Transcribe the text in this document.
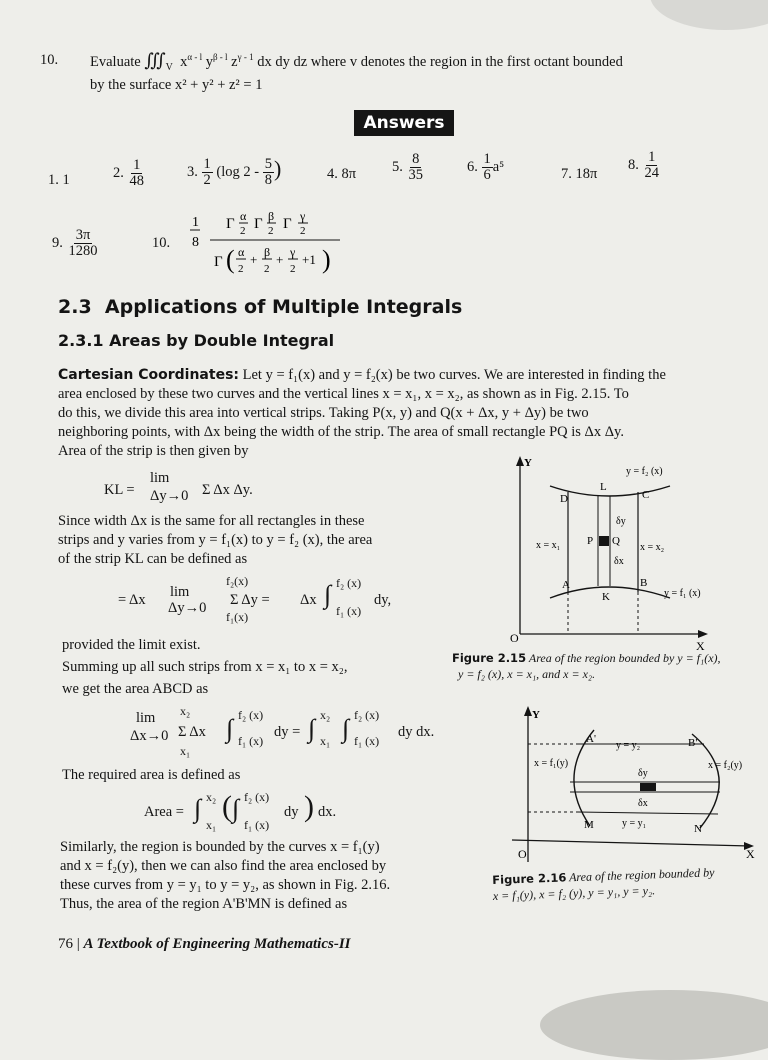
10. Evaluate $∭_V$ $x^{\alpha - l}$ $y^{\beta - l}$ $z^{\gamma - 1}$ dx dy dz where v denotes the region in the first octant bounded
by the surface x² + y² + z² = 1
Answers
1. 1	2. $\frac{1}{48}$	3. $\frac{1}{2} (\log$ $2 - \frac{5}{8}$ )	4. 8π 5. $\frac{8}{35}$	6. $\frac{1}{6} a^5$	7. 18π
8. $\frac{1}{24}$
9. $\frac{3\pi}{1280}$	10.
1
8
Γ α
2 Γ β
2 Γ γ
2
Γ ( α
2
+ β
2
+ γ
2
+1 )
2.3 Applications of Multiple Integrals
2.3.1 Areas by Double Integral
Cartesian Coordinates: Let y = f₁(x) and y = f₂(x) be two curves. We are interested in finding the
area enclosed by these two curves and the vertical lines x = x₁, x = x₂, as shown as in Fig. 2.15. To
do this, we divide this area into vertical strips. Taking P(x, y) and Q(x + Δx, y + Δy) be two
neighboring points, with Δx being the width of the strip. The area of small rectangle PQ is Δx Δy.
Area of the strip is then given by
KL =
lim
Δy→0 Σ Δx Δy.
Since width Δx is the same for all rectangles in these
strips and y varies from y = f₁(x) to y = f₂ (x), the area
of the strip KL can be defined as
= Δx lim
Δy→0
f₂(x)
Σ Δy =
f₁(x)
Δx ∫ f₂ (x)
f₁ (x)
dy,
provided the limit exist.
Summing up all such strips from x = x₁ to x = x₂,
we get the area ABCD as
lim
Δx→0
x₂
Σ Δx
x₁
∫ f₂ (x)
f₁ (x)
dy = ∫ x₂
x₁ ∫ f₂ (x)
f₁ (x)
dy dx.
The required area is defined as
Area = ∫ x₂
x₁
( ∫ f₂ (x)
f₁ (x)
dy ) dx.
Similarly, the region is bounded by the curves x = f₁(y)
and x = f₂(y), then we can also find the area enclosed by
these curves from y = y₁ to y = y₂, as shown in Fig. 2.16.
Thus, the area of the region A'B'MN is defined as
Y
X
O
y = f₂ (x)
y = f₁ (x)
x = x₁	x = x₂
L
K
A	B
C
D
P Q
δy
δx
Figure 2.15 Area of the region bounded by y = f₁(x),
y = f₂ (x), x = x₁, and x = x₂.
Y
X
O
A'	B'
M	N
y = y₂
y = y₁
x = f₁(y)	x = f₂(y)
δy
δx
Figure 2.16 Area of the region bounded by
x = f₁(y), x = f₂ (y), y = y₁, y = y₂.
76 | A Textbook of Engineering Mathematics-II
